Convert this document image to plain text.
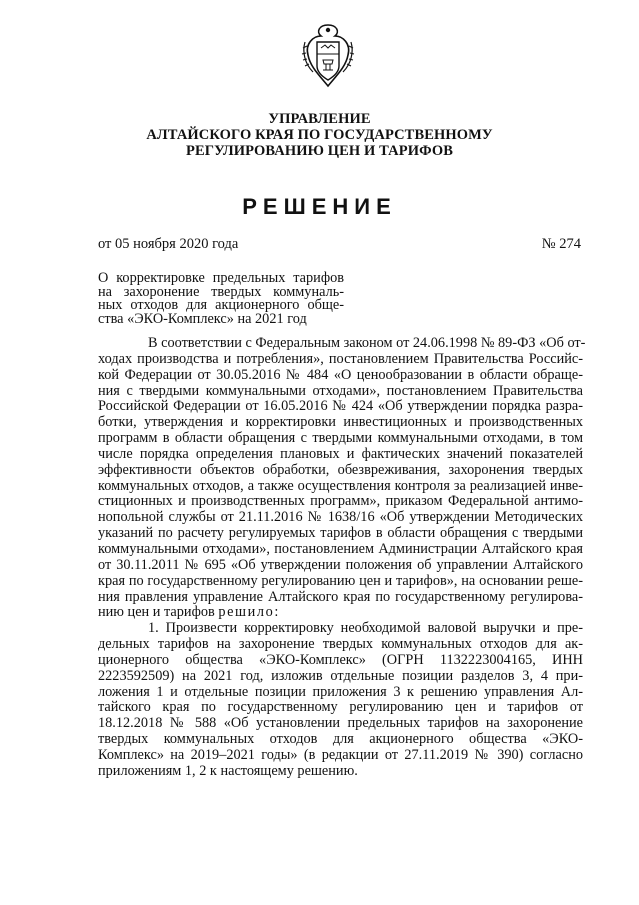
УПРАВЛЕНИЕ
АЛТАЙСКОГО КРАЯ ПО ГОСУДАРСТВЕННОМУ
РЕГУЛИРОВАНИЮ ЦЕН И ТАРИФОВ
РЕШЕНИЕ
от 05 ноября 2020 года	№ 274
О корректировке предельных тарифов
на захоронение твердых коммуналь-
ных отходов для акционерного обще-
ства «ЭКО-Комплекс» на 2021 год
В соответствии с Федеральным законом от 24.06.1998 № 89-ФЗ «Об от-
ходах производства и потребления», постановлением Правительства Российс-
кой Федерации от 30.05.2016 № 484 «О ценообразовании в области обраще-
ния с твердыми коммунальными отходами», постановлением Правительства
Российской Федерации от 16.05.2016 № 424 «Об утверждении порядка разра-
ботки, утверждения и корректировки инвестиционных и производственных
программ в области обращения с твердыми коммунальными отходами, в том
числе порядка определения плановых и фактических значений показателей
эффективности объектов обработки, обезвреживания, захоронения твердых
коммунальных отходов, а также осуществления контроля за реализацией инве-
стиционных и производственных программ», приказом Федеральной антимо-
нопольной службы от 21.11.2016 № 1638/16 «Об утверждении Методических
указаний по расчету регулируемых тарифов в области обращения с твердыми
коммунальными отходами», постановлением Администрации Алтайского края
от 30.11.2011 № 695 «Об утверждении положения об управлении Алтайского
края по государственному регулированию цен и тарифов», на основании реше-
ния правления управление Алтайского края по государственному регулирова-
нию цен и тарифов решило:
1. Произвести корректировку необходимой валовой выручки и пре-
дельных тарифов на захоронение твердых коммунальных отходов для ак-
ционерного общества «ЭКО-Комплекс» (ОГРН 1132223004165, ИНН
2223592509) на 2021 год, изложив отдельные позиции разделов 3, 4 при-
ложения 1 и отдельные позиции приложения 3 к решению управления Ал-
тайского края по государственному регулированию цен и тарифов от
18.12.2018 № 588 «Об установлении предельных тарифов на захоронение
твердых коммунальных отходов для акционерного общества «ЭКО-
Комплекс» на 2019–2021 годы» (в редакции от 27.11.2019 № 390) согласно
приложениям 1, 2 к настоящему решению.
